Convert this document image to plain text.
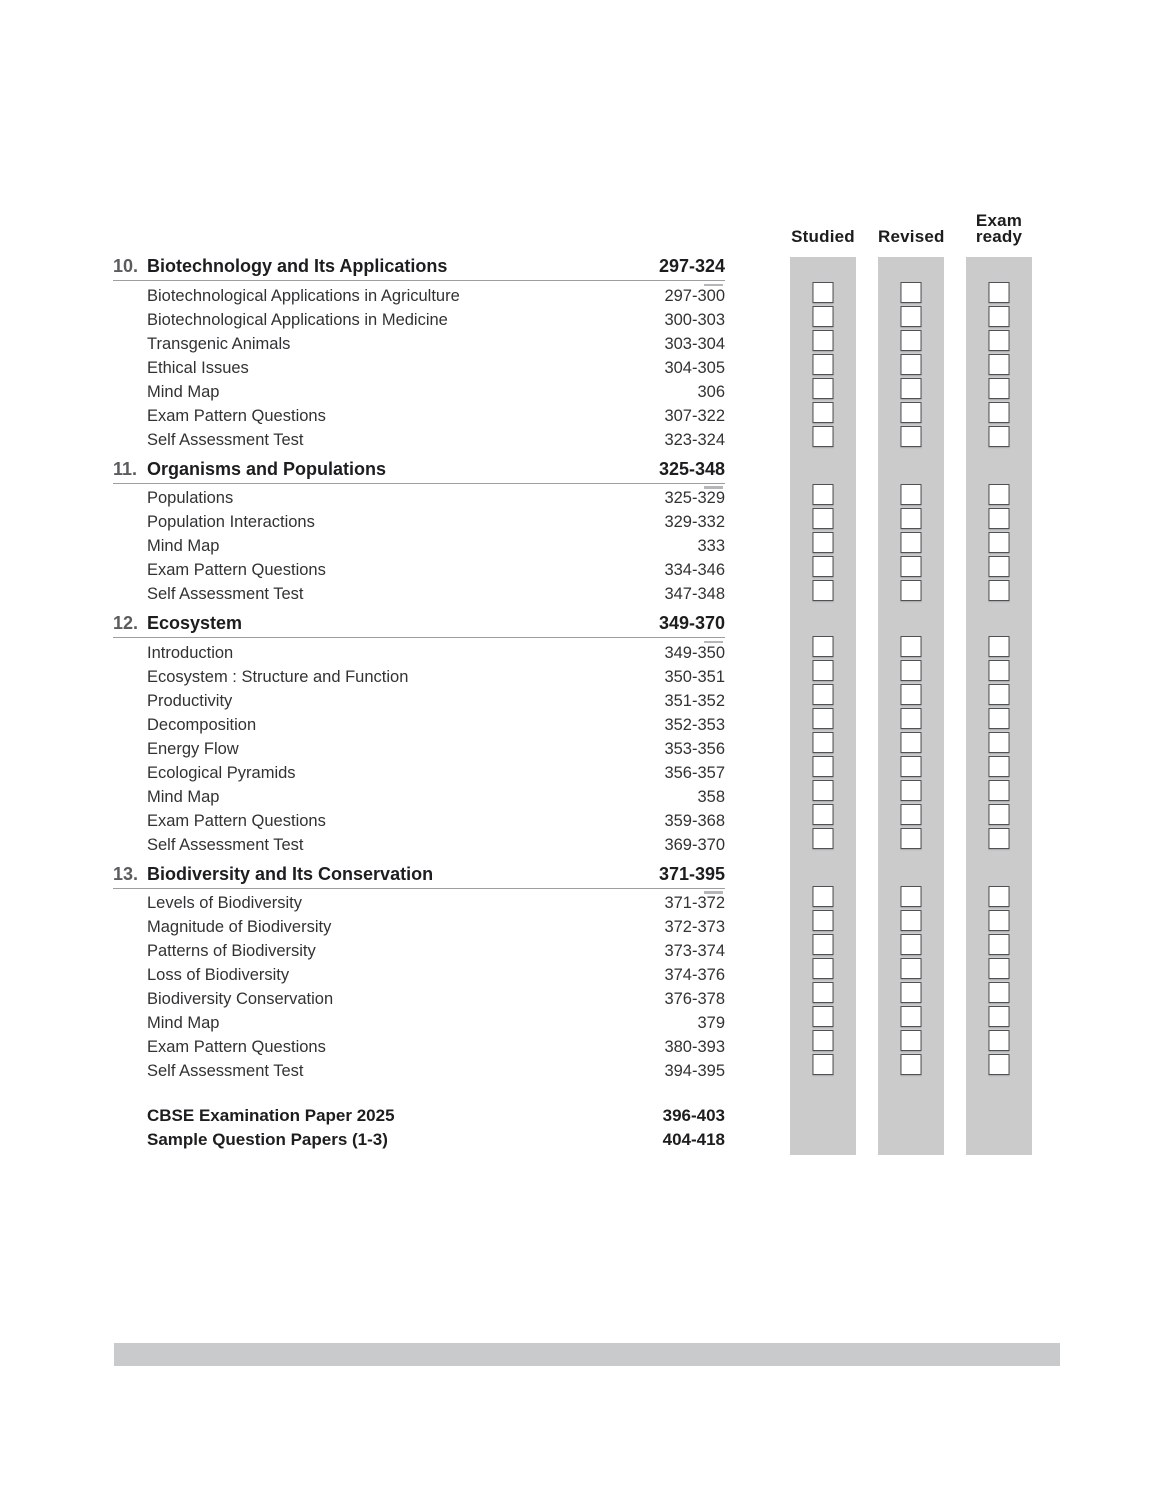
Studied Revised
Exam ready
10. Biotechnology and Its Applications	297-324
Biotechnological Applications in Agriculture	297-300
Biotechnological Applications in Medicine	300-303
Transgenic Animals	303-304
Ethical Issues	304-305
Mind Map	306
Exam Pattern Questions	307-322
Self Assessment Test	323-324
11. Organisms and Populations	325-348
Populations	325-329
Population Interactions	329-332
Mind Map	333
Exam Pattern Questions	334-346
Self Assessment Test	347-348
12. Ecosystem	349-370
Introduction	349-350
Ecosystem : Structure and Function	350-351
Productivity	351-352
Decomposition	352-353
Energy Flow	353-356
Ecological Pyramids	356-357
Mind Map	358
Exam Pattern Questions	359-368
Self Assessment Test	369-370
13. Biodiversity and Its Conservation	371-395
Levels of Biodiversity	371-372
Magnitude of Biodiversity	372-373
Patterns of Biodiversity	373-374
Loss of Biodiversity	374-376
Biodiversity Conservation	376-378
Mind Map	379
Exam Pattern Questions	380-393
Self Assessment Test	394-395
CBSE Examination Paper 2025	396-403
Sample Question Papers (1-3)	404-418
